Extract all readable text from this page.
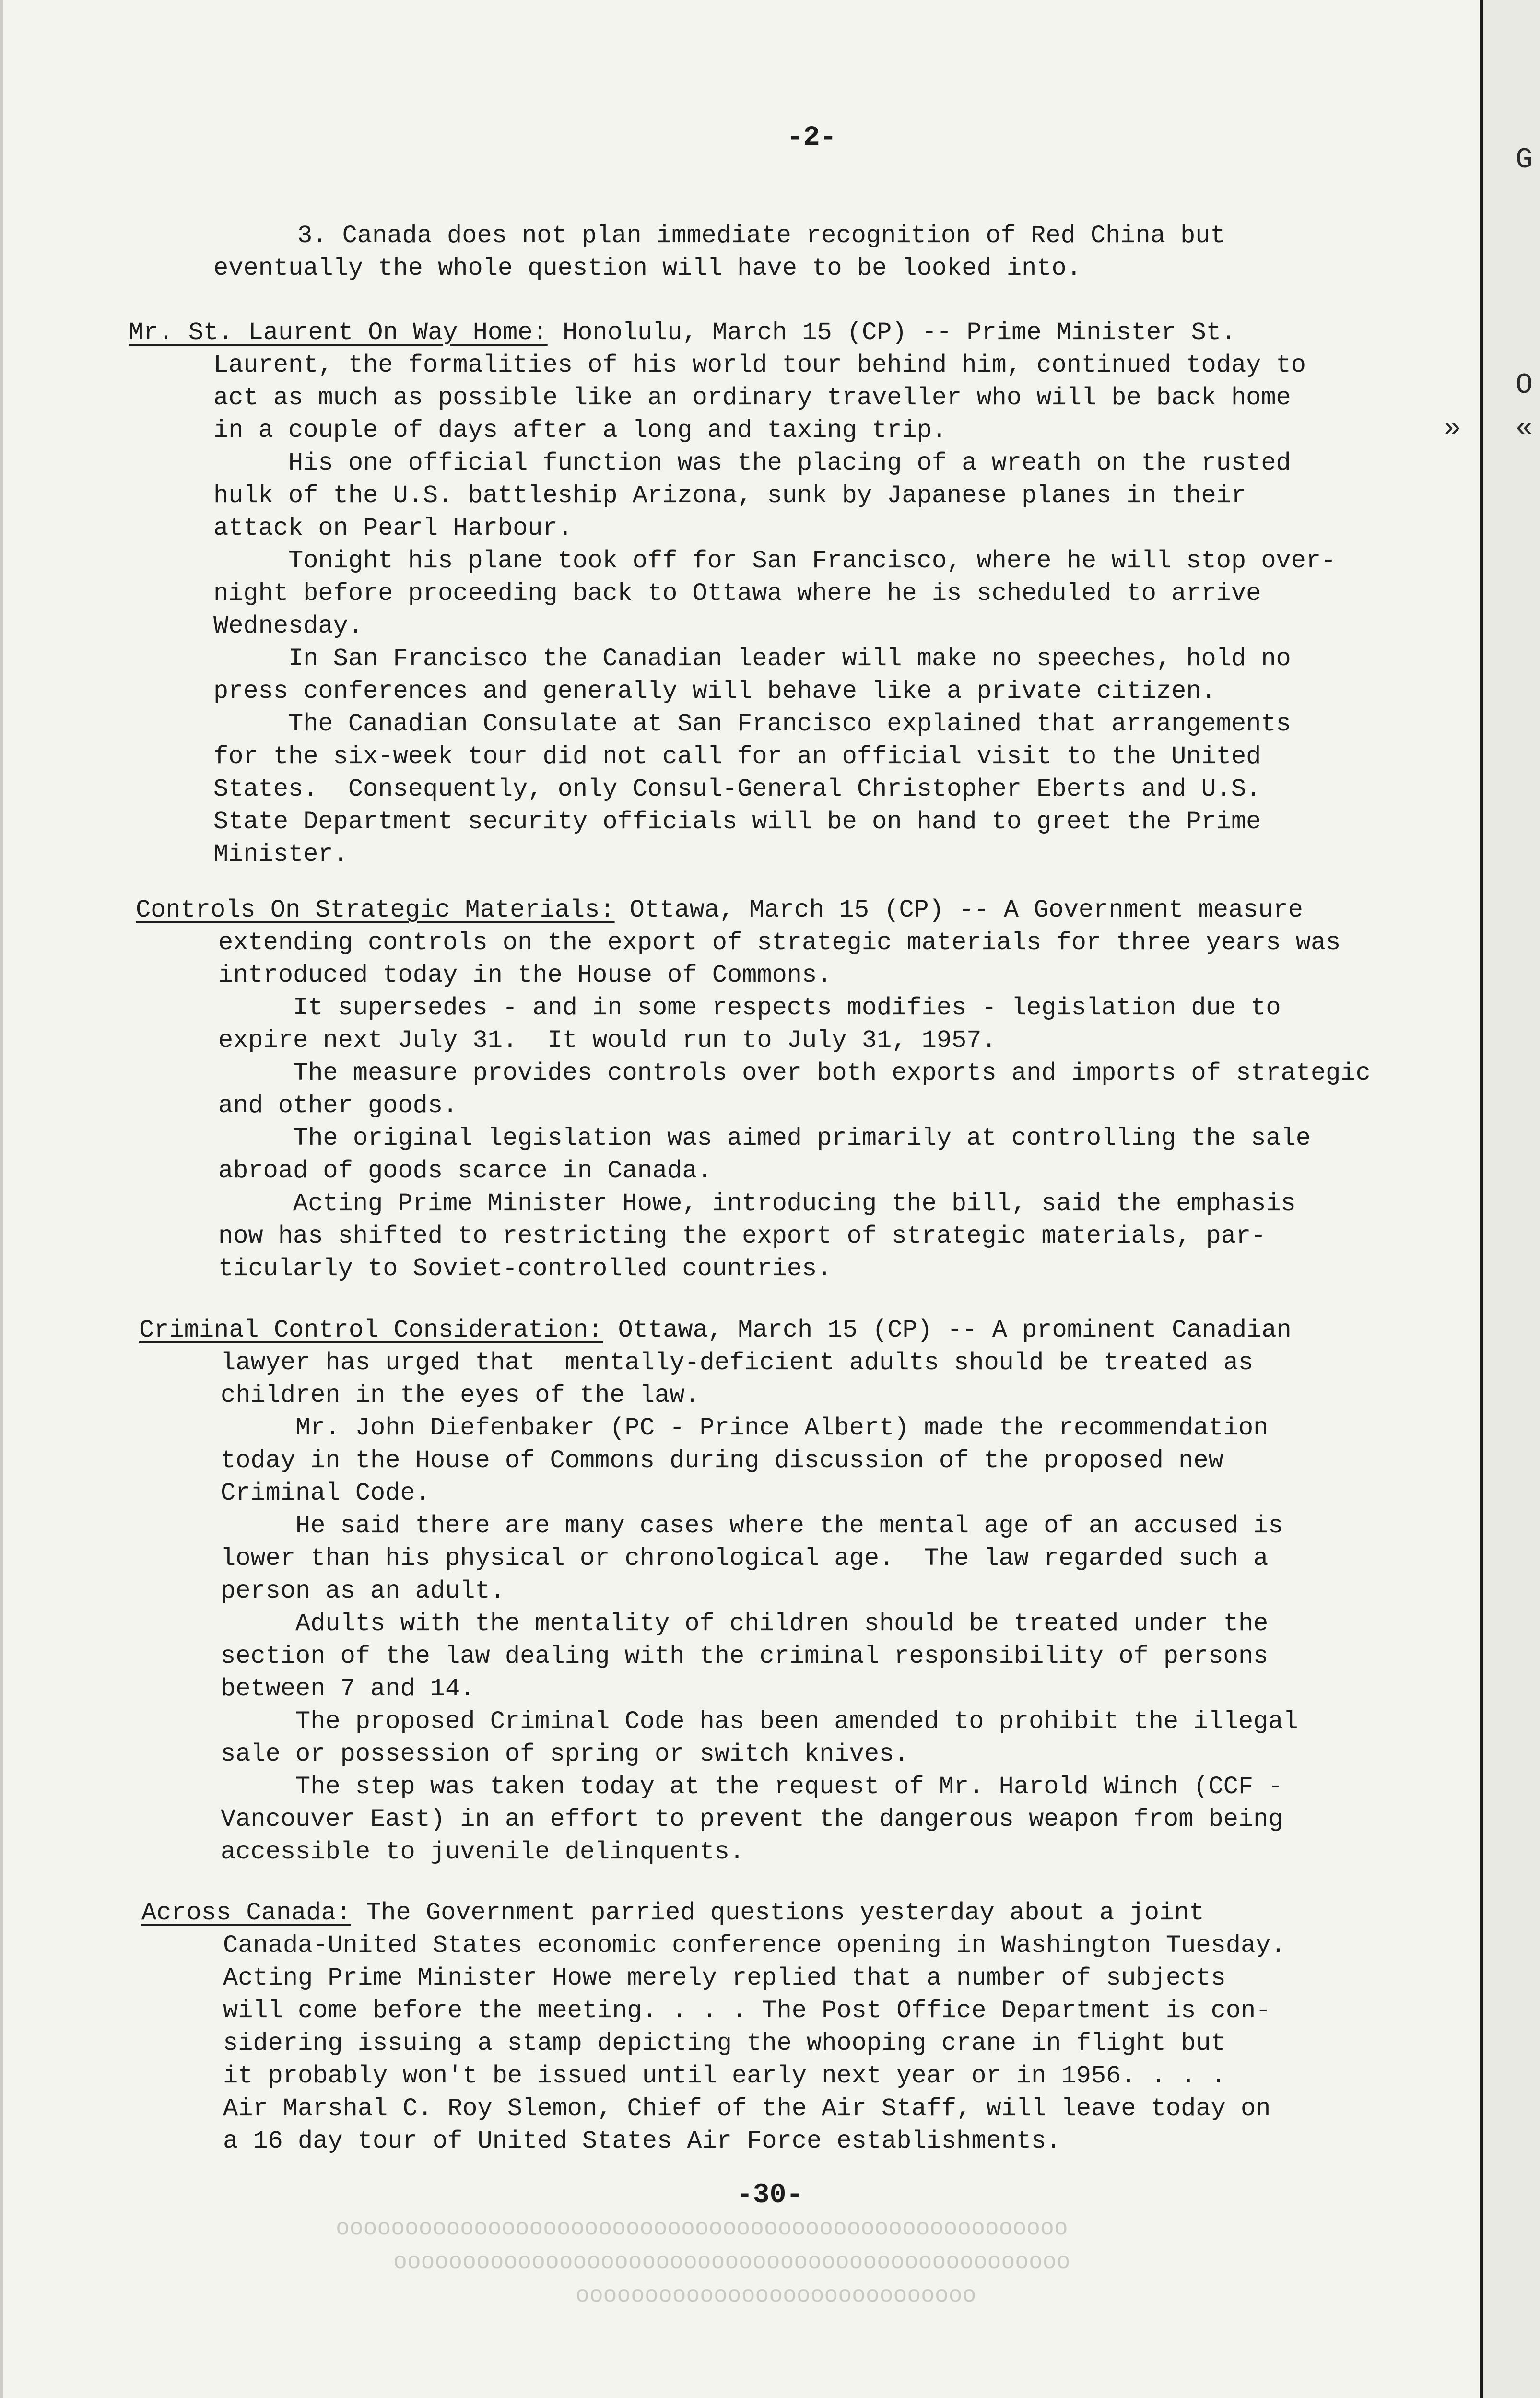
G
O
» «
-2-
3. Canada does not plan immediate recognition of Red China but
eventually the whole question will have to be looked into.
Mr. St. Laurent On Way Home: Honolulu, March 15 (CP) -- Prime Minister St.
Laurent, the formalities of his world tour behind him, continued today to
act as much as possible like an ordinary traveller who will be back home
in a couple of days after a long and taxing trip.
His one official function was the placing of a wreath on the rusted
hulk of the U.S. battleship Arizona, sunk by Japanese planes in their
attack on Pearl Harbour.
Tonight his plane took off for San Francisco, where he will stop over-
night before proceeding back to Ottawa where he is scheduled to arrive
Wednesday.
In San Francisco the Canadian leader will make no speeches, hold no
press conferences and generally will behave like a private citizen.
The Canadian Consulate at San Francisco explained that arrangements
for the six-week tour did not call for an official visit to the United
States.  Consequently, only Consul-General Christopher Eberts and U.S.
State Department security officials will be on hand to greet the Prime
Minister.
Controls On Strategic Materials: Ottawa, March 15 (CP) -- A Government measure
extending controls on the export of strategic materials for three years was
introduced today in the House of Commons.
It supersedes - and in some respects modifies - legislation due to
expire next July 31.  It would run to July 31, 1957.
The measure provides controls over both exports and imports of strategic
and other goods.
The original legislation was aimed primarily at controlling the sale
abroad of goods scarce in Canada.
Acting Prime Minister Howe, introducing the bill, said the emphasis
now has shifted to restricting the export of strategic materials, par-
ticularly to Soviet-controlled countries.
Criminal Control Consideration: Ottawa, March 15 (CP) -- A prominent Canadian
lawyer has urged that  mentally-deficient adults should be treated as
children in the eyes of the law.
Mr. John Diefenbaker (PC - Prince Albert) made the recommendation
today in the House of Commons during discussion of the proposed new
Criminal Code.
He said there are many cases where the mental age of an accused is
lower than his physical or chronological age.  The law regarded such a
person as an adult.
Adults with the mentality of children should be treated under the
section of the law dealing with the criminal responsibility of persons
between 7 and 14.
The proposed Criminal Code has been amended to prohibit the illegal
sale or possession of spring or switch knives.
The step was taken today at the request of Mr. Harold Winch (CCF -
Vancouver East) in an effort to prevent the dangerous weapon from being
accessible to juvenile delinquents.
Across Canada: The Government parried questions yesterday about a joint
Canada-United States economic conference opening in Washington Tuesday.
Acting Prime Minister Howe merely replied that a number of subjects
will come before the meeting. . . . The Post Office Department is con-
sidering issuing a stamp depicting the whooping crane in flight but
it probably won't be issued until early next year or in 1956. . . .
Air Marshal C. Roy Slemon, Chief of the Air Staff, will leave today on
a 16 day tour of United States Air Force establishments.
-30-
ooooooooooooooooooooooooooooooooooooooooooooooooooooo
ooooooooooooooooooooooooooooooooooooooooooooooooo
ooooooooooooooooooooooooooooo
